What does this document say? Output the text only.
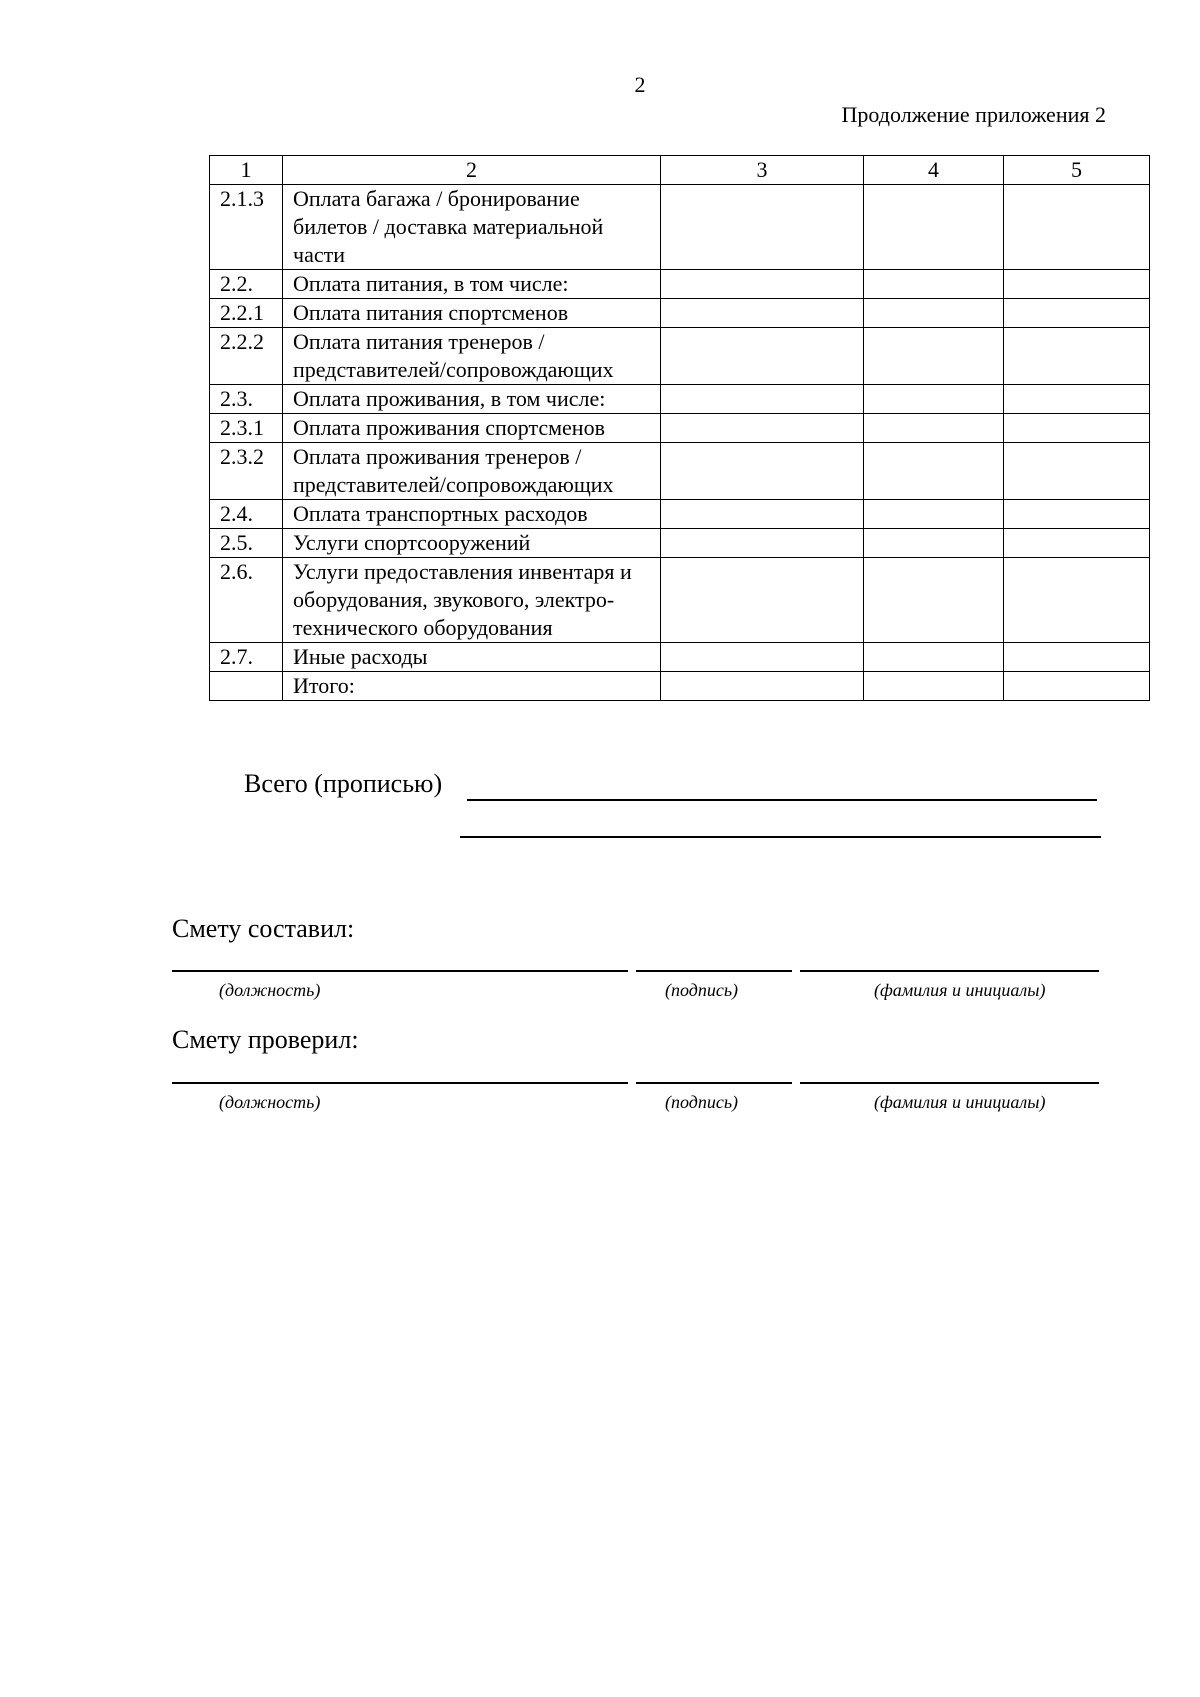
2
Продолжение приложения 2
1	2	3	4	5
2.1.3	Оплата багажа / бронирование билетов / доставка материальной части			
2.2.	Оплата питания, в том числе:			
2.2.1	Оплата питания спортсменов			
2.2.2	Оплата питания тренеров / представителей/сопровождающих			
2.3.	Оплата проживания, в том числе:			
2.3.1	Оплата проживания спортсменов			
2.3.2	Оплата проживания тренеров / представителей/сопровождающих			
2.4.	Оплата транспортных расходов			
2.5.	Услуги спортсооружений			
2.6.	Услуги предоставления инвентаря и оборудования, звукового, электро-технического оборудования			
2.7.	Иные расходы			
	Итого:			
Всего (прописью)
Смету составил:
(должность)	(подпись)	(фамилия и инициалы)
Смету проверил:
(должность)	(подпись)	(фамилия и инициалы)
